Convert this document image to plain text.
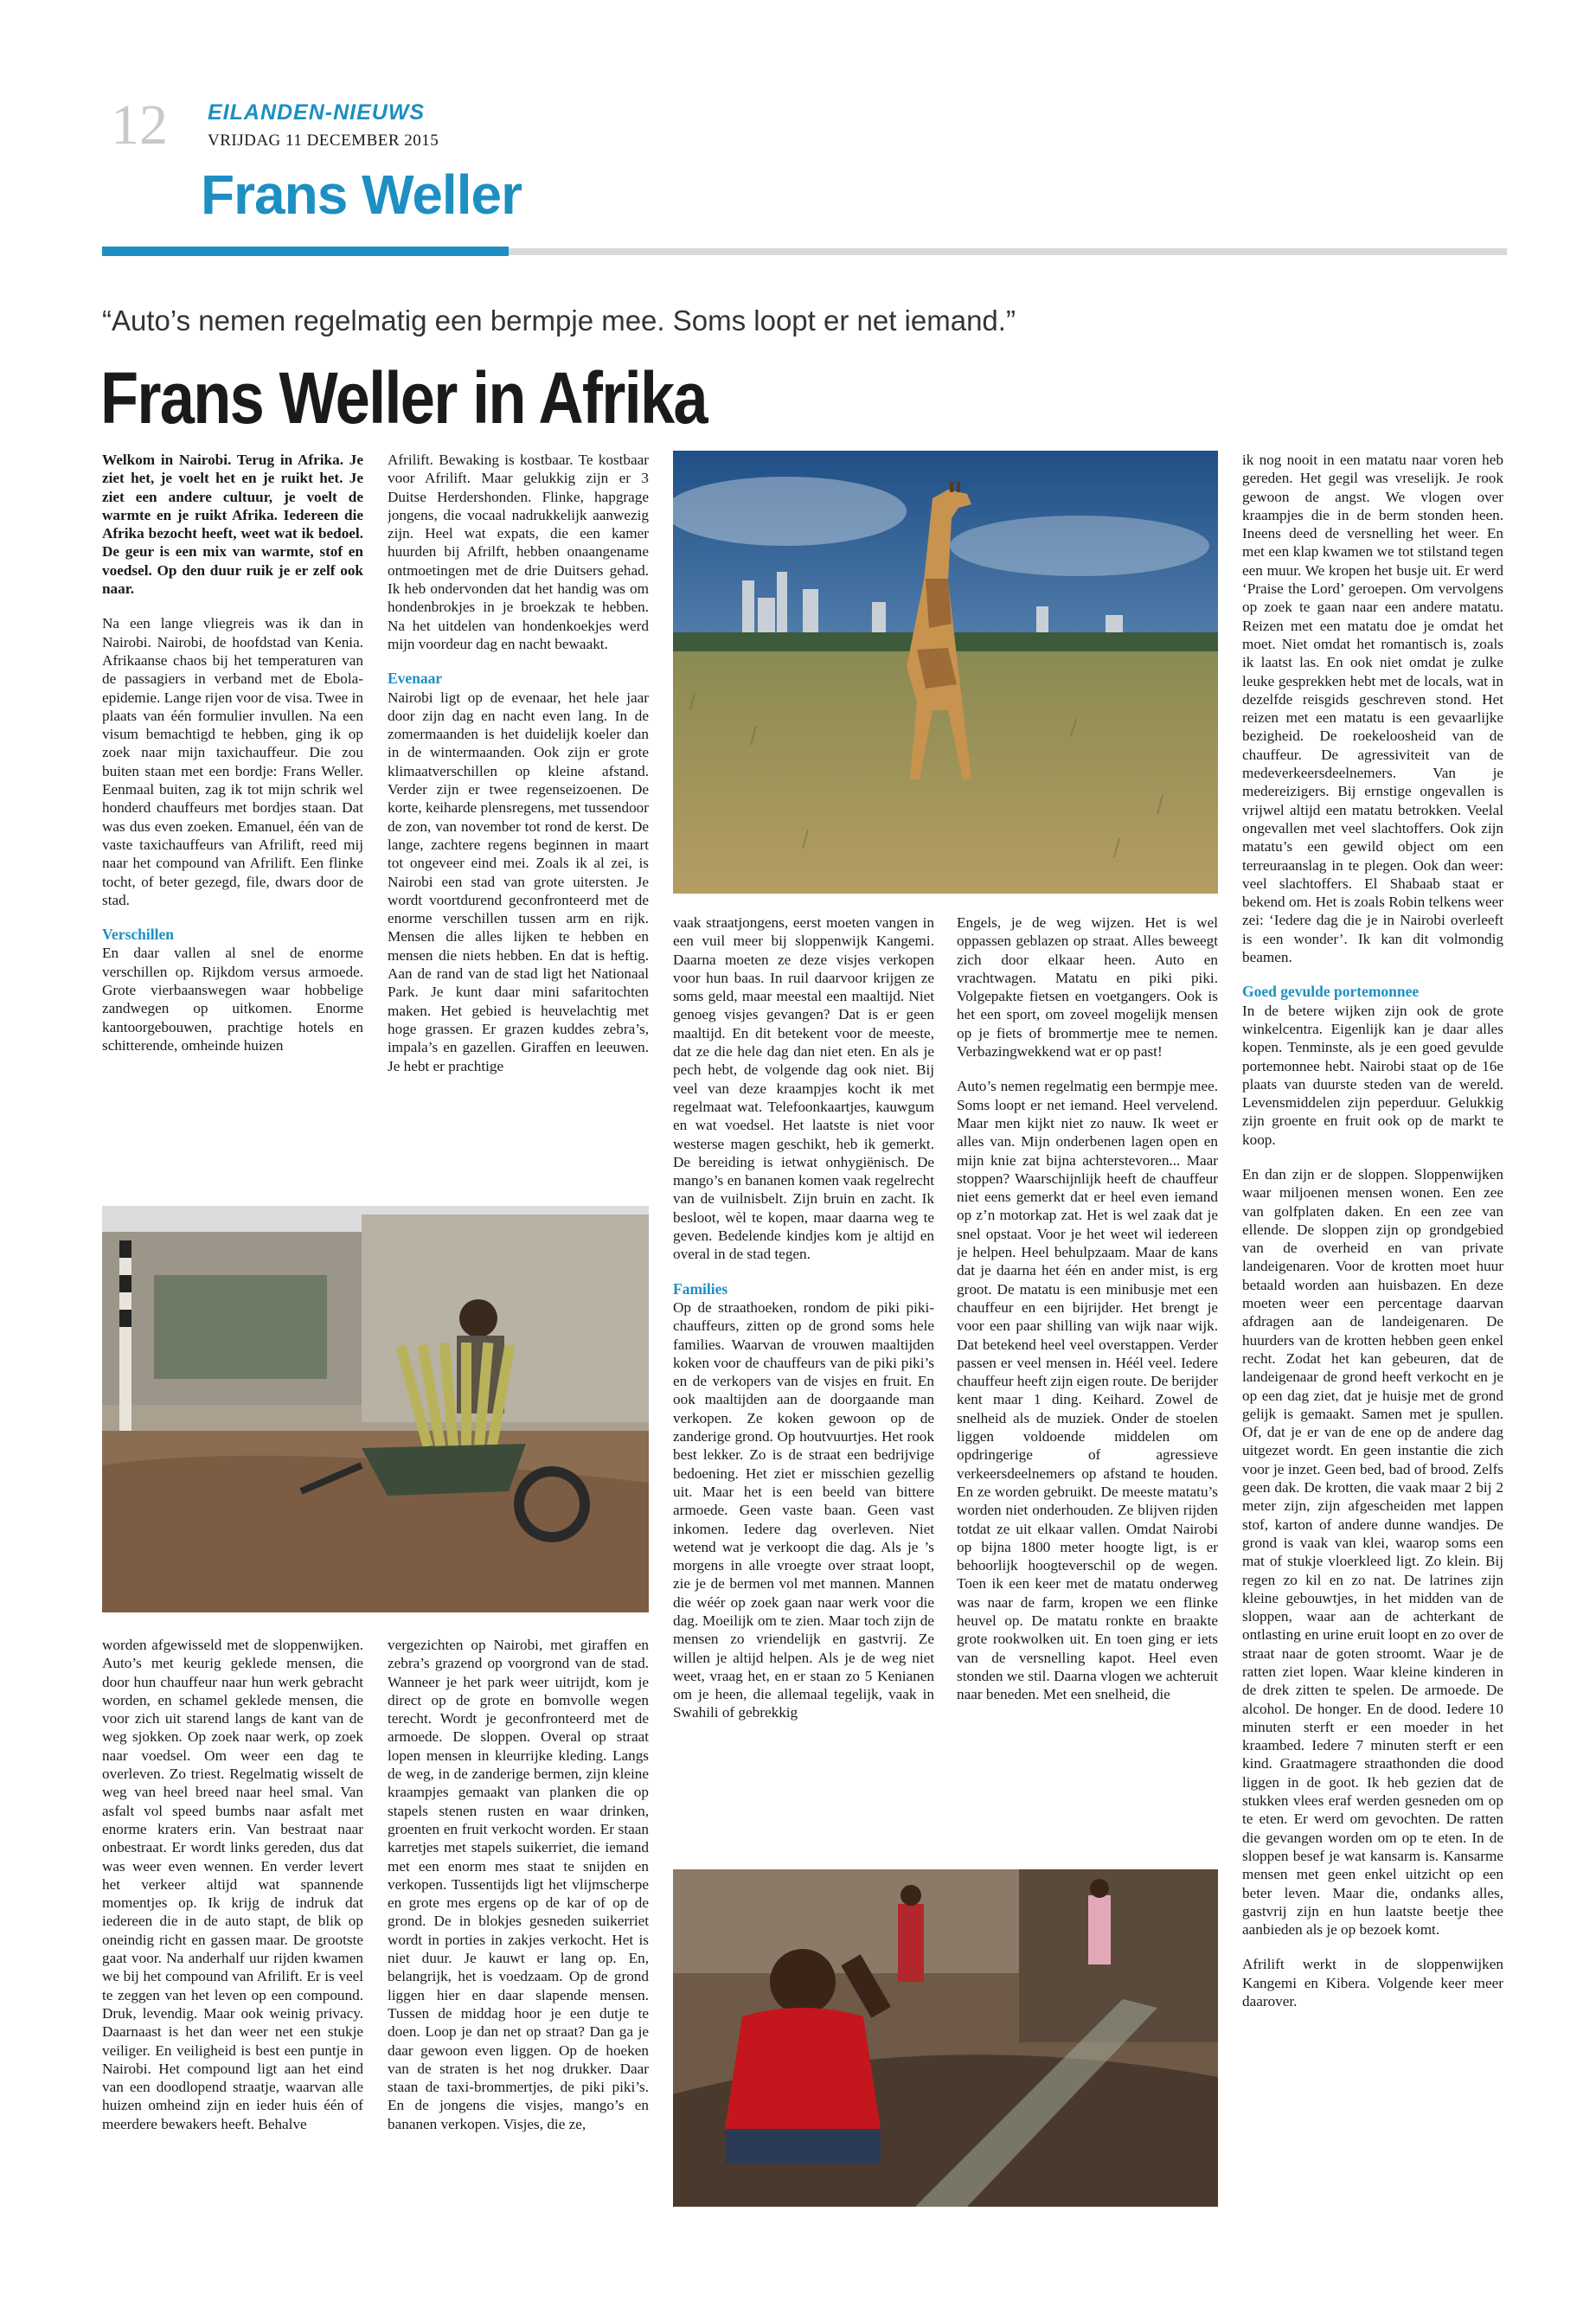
12 EILANDEN-NIEUWS
VRIJDAG 11 DECEMBER 2015
Frans Weller
“Auto’s nemen regelmatig een bermpje mee. Soms loopt er net iemand.”
Frans Weller in Afrika

Welkom in Nairobi. Terug in Afrika. Je ziet het, je voelt het en je ruikt het. Je ziet een andere cultuur, je voelt de warmte en je ruikt Afrika. Iedereen die Afrika bezocht heeft, weet wat ik bedoel. De geur is een mix van warmte, stof en voedsel. Op den duur ruik je er zelf ook naar.

Na een lange vliegreis was ik dan in Nairobi. Nairobi, de hoofdstad van Kenia. Afrikaanse chaos bij het temperaturen van de passagiers in verband met de Ebola-epidemie. Lange rijen voor de visa. Twee in plaats van één formulier invullen. Na een visum bemachtigd te hebben, ging ik op zoek naar mijn taxichauffeur. Die zou buiten staan met een bordje: Frans Weller. Eenmaal buiten, zag ik tot mijn schrik wel honderd chauffeurs met bordjes staan. Dat was dus even zoeken. Emanuel, één van de vaste taxichauffeurs van Afrilift, reed mij naar het compound van Afrilift. Een flinke tocht, of beter gezegd, file, dwars door de stad.

Verschillen

En daar vallen al snel de enorme verschillen op. Rijkdom versus armoede. Grote vierbaanswegen waar hobbelige zandwegen op uitkomen. Enorme kantoorgebouwen, prachtige hotels en schitterende, omheinde huizen

Afrilift. Bewaking is kostbaar. Te kostbaar voor Afrilift. Maar gelukkig zijn er 3 Duitse Herdershonden. Flinke, hapgrage jongens, die vocaal nadrukkelijk aanwezig zijn. Heel wat expats, die een kamer huurden bij Afrilft, hebben onaangename ontmoetingen met de drie Duitsers gehad. Ik heb ondervonden dat het handig was om hondenbrokjes in je broekzak te hebben. Na het uitdelen van hondenkoekjes werd mijn voordeur dag en nacht bewaakt.

Evenaar

Nairobi ligt op de evenaar, het hele jaar door zijn dag en nacht even lang. In de zomermaanden is het duidelijk koeler dan in de wintermaanden. Ook zijn er grote klimaatverschillen op kleine afstand. Verder zijn er twee regenseizoenen. De korte, keiharde plensregens, met tussendoor de zon, van november tot rond de kerst. De lange, zachtere regens beginnen in maart tot ongeveer eind mei. Zoals ik al zei, is Nairobi een stad van grote uitersten. Je wordt voortdurend geconfronteerd met de enorme verschillen tussen arm en rijk. Mensen die alles lijken te hebben en mensen die niets hebben. En dat is heftig. Aan de rand van de stad ligt het Nationaal Park. Je kunt daar mini safaritochten maken. Het gebied is heuvelachtig met hoge grassen. Er grazen kuddes zebra’s, impala’s en gazellen. Giraffen en leeuwen. Je hebt er prachtige

vaak straatjongens, eerst moeten vangen in een vuil meer bij sloppenwijk Kangemi. Daarna moeten ze deze visjes verkopen voor hun baas. In ruil daarvoor krijgen ze soms geld, maar meestal een maaltijd. Niet genoeg visjes gevangen? Dat is er geen maaltijd. En dit betekent voor de meeste, dat ze die hele dag dan niet eten. En als je pech hebt, de volgende dag ook niet. Bij veel van deze kraampjes kocht ik met regelmaat wat. Telefoonkaartjes, kauwgum en wat voedsel. Het laatste is niet voor westerse magen geschikt, heb ik gemerkt. De bereiding is ietwat onhygiënisch. De mango’s en bananen komen vaak regelrecht van de vuilnisbelt. Zijn bruin en zacht. Ik besloot, wèl te kopen, maar daarna weg te geven. Bedelende kindjes kom je altijd en overal in de stad tegen.

Families

Op de straathoeken, rondom de piki piki-chauffeurs, zitten op de grond soms hele families. Waarvan de vrouwen maaltijden koken voor de chauffeurs van de piki piki’s en de verkopers van de visjes en fruit. En ook maaltijden aan de doorgaande man verkopen. Ze koken gewoon op de zanderige grond. Op houtvuurtjes. Het rook best lekker. Zo is de straat een bedrijvige bedoening. Het ziet er misschien gezellig uit. Maar het is een beeld van bittere armoede. Geen vaste baan. Geen vast inkomen. Iedere dag overleven. Niet wetend wat je verkoopt die dag. Als je ’s morgens in alle vroegte over straat loopt, zie je de bermen vol met mannen. Mannen die wéér op zoek gaan naar werk voor die dag. Moeilijk om te zien. Maar toch zijn de mensen zo vriendelijk en gastvrij. Ze willen je altijd helpen. Als je de weg niet weet, vraag het, en er staan zo 5 Kenianen om je heen, die allemaal tegelijk, vaak in Swahili of gebrekkig

Engels, je de weg wijzen. Het is wel oppassen geblazen op straat. Alles beweegt zich door elkaar heen. Auto en vrachtwagen. Matatu en piki piki. Volgepakte fietsen en voetgangers. Ook is het een sport, om zoveel mogelijk mensen op je fiets of brommertje mee te nemen. Verbazingwekkend wat er op past!

Auto’s nemen regelmatig een bermpje mee. Soms loopt er net iemand. Heel vervelend. Maar men kijkt niet zo nauw. Ik weet er alles van. Mijn onderbenen lagen open en mijn knie zat bijna achterstevoren... Maar stoppen? Waarschijnlijk heeft de chauffeur niet eens gemerkt dat er heel even iemand op z’n motorkap zat. Het is wel zaak dat je snel opstaat. Voor je het weet wil iedereen je helpen. Heel behulpzaam. Maar de kans dat je daarna het één en ander mist, is erg groot. De matatu is een minibusje met een chauffeur en een bijrijder. Het brengt je voor een paar shilling van wijk naar wijk. Dat betekend heel veel overstappen. Verder passen er veel mensen in. Héél veel. Iedere chauffeur heeft zijn eigen route. De berijder kent maar 1 ding. Keihard. Zowel de snelheid als de muziek. Onder de stoelen liggen voldoende middelen om opdringerige of agressieve verkeersdeelnemers op afstand te houden. En ze worden gebruikt. De meeste matatu’s worden niet onderhouden. Ze blijven rijden totdat ze uit elkaar vallen. Omdat Nairobi op bijna 1800 meter hoogte ligt, is er behoorlijk hoogteverschil op de wegen. Toen ik een keer met de matatu onderweg was naar de farm, kropen we een flinke heuvel op. De matatu ronkte en braakte grote rookwolken uit. En toen ging er iets van de versnelling kapot. Heel even stonden we stil. Daarna vlogen we achteruit naar beneden. Met een snelheid, die

ik nog nooit in een matatu naar voren heb gereden. Het gegil was vreselijk. Je rook gewoon de angst. We vlogen over kraampjes die in de berm stonden heen. Ineens deed de versnelling het weer. En met een klap kwamen we tot stilstand tegen een muur. We kropen het busje uit. Er werd ‘Praise the Lord’ geroepen. Om vervolgens op zoek te gaan naar een andere matatu. Reizen met een matatu doe je omdat het moet. Niet omdat het romantisch is, zoals ik laatst las. En ook niet omdat je zulke leuke gesprekken hebt met de locals, wat in dezelfde reisgids geschreven stond. Het reizen met een matatu is een gevaarlijke bezigheid. De roekeloosheid van de chauffeur. De agressiviteit van de medeverkeersdeelnemers. Van je medereizigers. Bij ernstige ongevallen is vrijwel altijd een matatu betrokken. Veelal ongevallen met veel slachtoffers. Ook zijn matatu’s een gewild object om een terreuraanslag in te plegen. Ook dan weer: veel slachtoffers. El Shabaab staat er bekend om. Het is zoals Robin telkens weer zei: ‘Iedere dag die je in Nairobi overleeft is een wonder’. Ik kan dit volmondig beamen.

Goed gevulde portemonnee

In de betere wijken zijn ook de grote winkelcentra. Eigenlijk kan je daar alles kopen. Tenminste, als je een goed gevulde portemonnee hebt. Nairobi staat op de 16e plaats van duurste steden van de wereld. Levensmiddelen zijn peperduur. Gelukkig zijn groente en fruit ook op de markt te koop.

En dan zijn er de sloppen. Sloppenwijken waar miljoenen mensen wonen. Een zee van golfplaten daken. En een zee van ellende. De sloppen zijn op grondgebied van de overheid en van private landeigenaren. Voor de krotten moet huur betaald worden aan huisbazen. En deze moeten weer een percentage daarvan afdragen aan de landeigenaren. De huurders van de krotten hebben geen enkel recht. Zodat het kan gebeuren, dat de landeigenaar de grond heeft verkocht en je op een dag ziet, dat je huisje met de grond gelijk is gemaakt. Samen met je spullen. Of, dat je er van de ene op de andere dag uitgezet wordt. En geen instantie die zich voor je inzet. Geen bed, bad of brood. Zelfs geen dak. De krotten, die vaak maar 2 bij 2 meter zijn, zijn afgescheiden met lappen stof, karton of andere dunne wandjes. De grond is vaak van klei, waarop soms een mat of stukje vloerkleed ligt. Zo klein. Bij regen zo kil en zo nat. De latrines zijn kleine gebouwtjes, in het midden van de sloppen, waar aan de achterkant de ontlasting en urine eruit loopt en zo over de straat naar de goten stroomt. Waar je de ratten ziet lopen. Waar kleine kinderen in de drek zitten te spelen. De armoede. De alcohol. De honger. En de dood. Iedere 10 minuten sterft er een moeder in het kraambed. Iedere 7 minuten sterft er een kind. Graatmagere straathonden die dood liggen in de goot. Ik heb gezien dat de stukken vlees eraf werden gesneden om op te eten. Er werd om gevochten. De ratten die gevangen worden om op te eten. In de sloppen besef je wat kansarm is. Kansarme mensen met geen enkel uitzicht op een beter leven. Maar die, ondanks alles, gastvrij zijn en hun laatste beetje thee aanbieden als je op bezoek komt.

Afrilift werkt in de sloppenwijken Kangemi en Kibera. Volgende keer meer daarover.

worden afgewisseld met de sloppenwijken. Auto’s met keurig geklede mensen, die door hun chauffeur naar hun werk gebracht worden, en schamel geklede mensen, die voor zich uit starend langs de kant van de weg sjokken. Op zoek naar werk, op zoek naar voedsel. Om weer een dag te overleven. Zo triest. Regelmatig wisselt de weg van heel breed naar heel smal. Van asfalt vol speed bumbs naar asfalt met enorme kraters erin. Van bestraat naar onbestraat. Er wordt links gereden, dus dat was weer even wennen. En verder levert het verkeer altijd wat spannende momentjes op. Ik krijg de indruk dat iedereen die in de auto stapt, de blik op oneindig richt en gassen maar. De grootste gaat voor. Na anderhalf uur rijden kwamen we bij het compound van Afrilift. Er is veel te zeggen van het leven op een compound. Druk, levendig. Maar ook weinig privacy. Daarnaast is het dan weer net een stukje veiliger. En veiligheid is best een puntje in Nairobi. Het compound ligt aan het eind van een doodlopend straatje, waarvan alle huizen omheind zijn en ieder huis één of meerdere bewakers heeft. Behalve

vergezichten op Nairobi, met giraffen en zebra’s grazend op voorgrond van de stad. Wanneer je het park weer uitrijdt, kom je direct op de grote en bomvolle wegen terecht. Wordt je geconfronteerd met de armoede. De sloppen. Overal op straat lopen mensen in kleurrijke kleding. Langs de weg, in de zanderige bermen, zijn kleine kraampjes gemaakt van planken die op stapels stenen rusten en waar drinken, groenten en fruit verkocht worden. Er staan karretjes met stapels suikerriet, die iemand met een enorm mes staat te snijden en verkopen. Tussentijds ligt het vlijmscherpe en grote mes ergens op de kar of op de grond. De in blokjes gesneden suikerriet wordt in porties in zakjes verkocht. Het is niet duur. Je kauwt er lang op. En, belangrijk, het is voedzaam. Op de grond liggen hier en daar slapende mensen. Tussen de middag hoor je een dutje te doen. Loop je dan net op straat? Dan ga je daar gewoon even liggen. Op de hoeken van de straten is het nog drukker. Daar staan de taxi-brommertjes, de piki piki’s. En de jongens die visjes, mango’s en bananen verkopen. Visjes, die ze,
